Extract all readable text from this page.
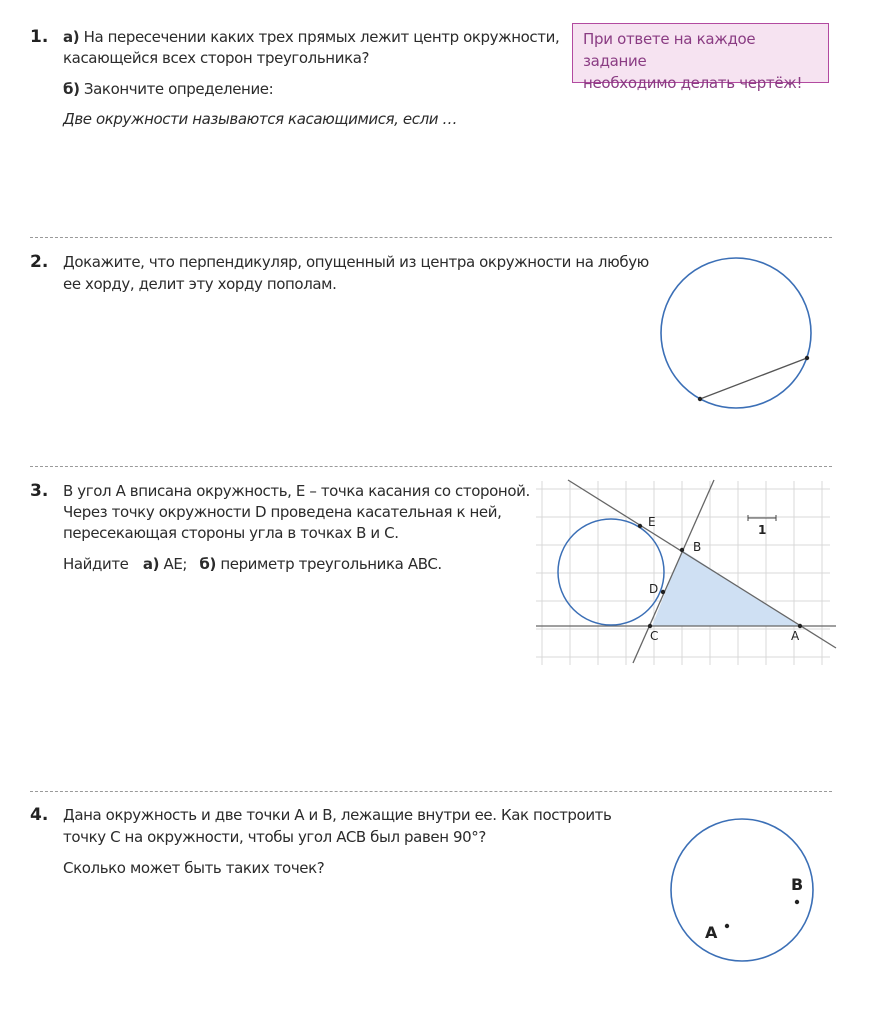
1. а) На пересечении каких трех прямых лежит центр окружности,
касающейся всех сторон треугольника?
б) Закончите определение:
Две окружности называются касающимися, если …
При ответе на каждое задание
необходимо делать чертёж!
2. Докажите, что перпендикуляр, опущенный из центра окружности на любую
ее хорду, делит эту хорду пополам.
3. В угол A вписана окружность, E – точка касания со стороной.
Через точку окружности D проведена касательная к ней,
пересекающая стороны угла в точках B и C.
Найдите а) AE; б) периметр треугольника ABC.
E
B
D
C	A
1
4. Дана окружность и две точки A и B, лежащие внутри ее. Как построить
точку C на окружности, чтобы угол ACB был равен 90°?
Сколько может быть таких точек?
A
B
